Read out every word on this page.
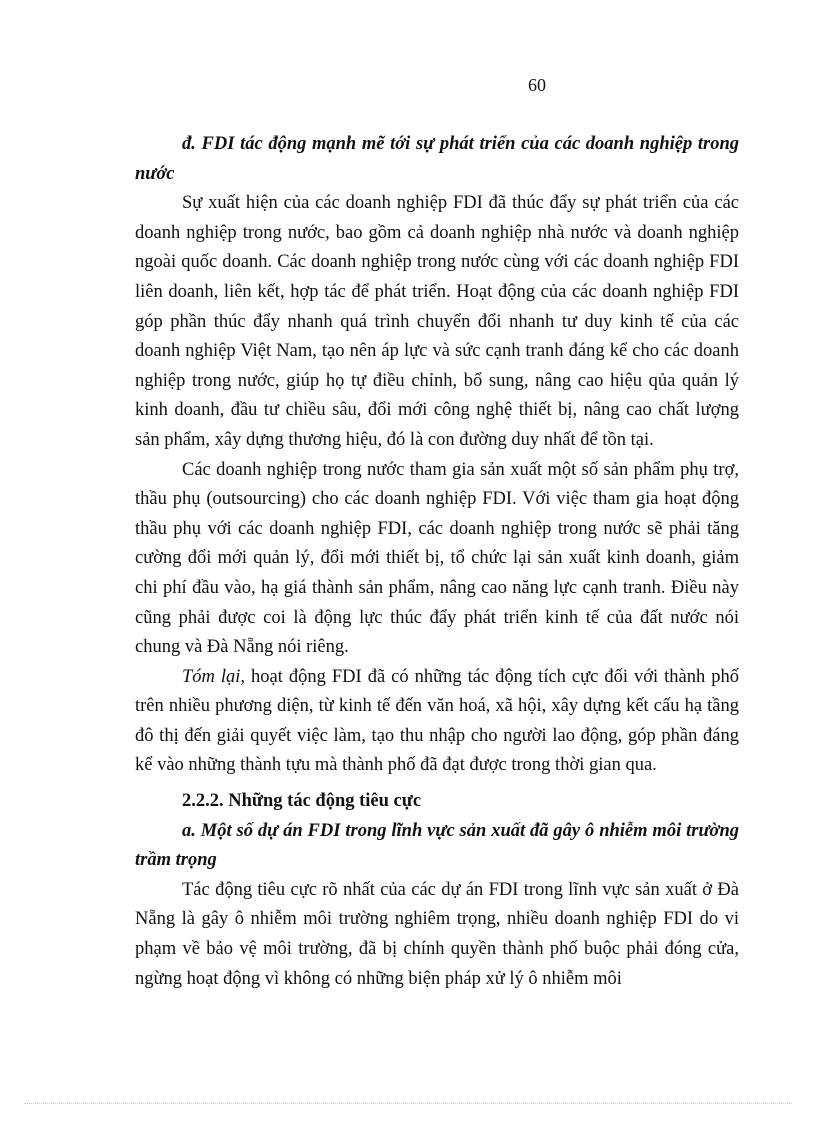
60

đ. FDI tác động mạnh mẽ tới sự phát triển của các doanh nghiệp trong nước

Sự xuất hiện của các doanh nghiệp FDI đã thúc đẩy sự phát triển của các doanh nghiệp trong nước, bao gồm cả doanh nghiệp nhà nước và doanh nghiệp ngoài quốc doanh. Các doanh nghiệp trong nước cùng với các doanh nghiệp FDI liên doanh, liên kết, hợp tác để phát triển. Hoạt động của các doanh nghiệp FDI góp phần thúc đẩy nhanh quá trình chuyển đổi nhanh tư duy kinh tế của các doanh nghiệp Việt Nam, tạo nên áp lực và sức cạnh tranh đáng kể cho các doanh nghiệp trong nước, giúp họ tự điều chỉnh, bổ sung, nâng cao hiệu qủa quản lý kinh doanh, đầu tư chiều sâu, đổi mới công nghệ thiết bị, nâng cao chất lượng sản phẩm, xây dựng thương hiệu, đó là con đường duy nhất để tồn tại.

Các doanh nghiệp trong nước tham gia sản xuất một số sản phẩm phụ trợ, thầu phụ (outsourcing) cho các doanh nghiệp FDI. Với việc tham gia hoạt động thầu phụ với các doanh nghiệp FDI, các doanh nghiệp trong nước sẽ phải tăng cường đổi mới quản lý, đổi mới thiết bị, tổ chức lại sản xuất kinh doanh, giảm chi phí đầu vào, hạ giá thành sản phẩm, nâng cao năng lực cạnh tranh. Điều này cũng phải được coi là động lực thúc đẩy phát triển kinh tế của đất nước nói chung và Đà Nẵng nói riêng.

Tóm lại, hoạt động FDI đã có những tác động tích cực đối với thành phố trên nhiều phương diện, từ kinh tế đến văn hoá, xã hội, xây dựng kết cấu hạ tầng đô thị đến giải quyết việc làm, tạo thu nhập cho người lao động, góp phần đáng kể vào những thành tựu mà thành phố đã đạt được trong thời gian qua.

2.2.2. Những tác động tiêu cực

a. Một số dự án FDI trong lĩnh vực sản xuất đã gây ô nhiễm môi trường trầm trọng

Tác động tiêu cực rõ nhất của các dự án FDI trong lĩnh vực sản xuất ở Đà Nẵng là gây ô nhiễm môi trường nghiêm trọng, nhiều doanh nghiệp FDI do vi phạm về bảo vệ môi trường, đã bị chính quyền thành phố buộc phải đóng cửa, ngừng hoạt động vì không có những biện pháp xử lý ô nhiễm môi
